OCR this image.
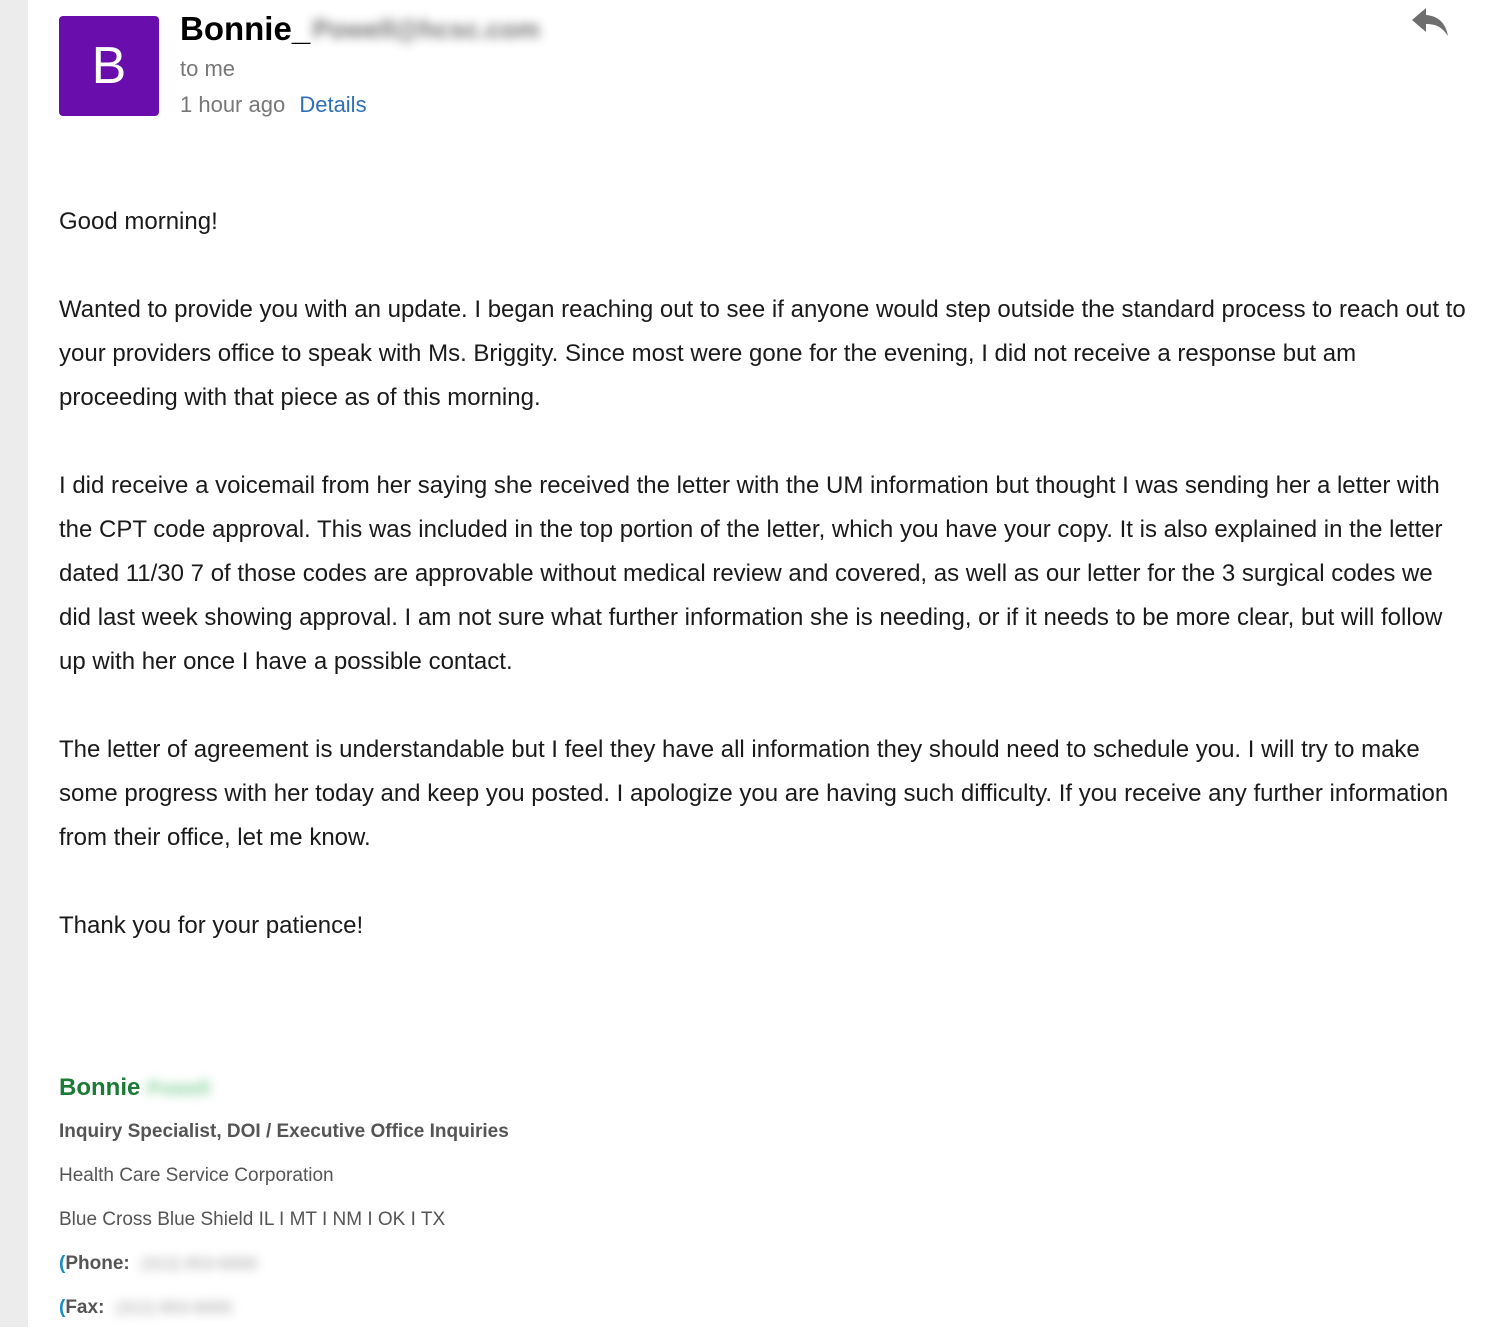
B
Bonnie_ Powell@hcsc.com
to me
1 hour ago Details

Good morning!

Wanted to provide you with an update. I began reaching out to see if anyone would step outside the standard process to reach out to your providers office to speak with Ms. Briggity. Since most were gone for the evening, I did not receive a response but am proceeding with that piece as of this morning.

I did receive a voicemail from her saying she received the letter with the UM information but thought I was sending her a letter with the CPT code approval. This was included in the top portion of the letter, which you have your copy. It is also explained in the letter dated 11/30 7 of those codes are approvable without medical review and covered, as well as our letter for the 3 surgical codes we did last week showing approval. I am not sure what further information she is needing, or if it needs to be more clear, but will follow up with her once I have a possible contact.

The letter of agreement is understandable but I feel they have all information they should need to schedule you. I will try to make some progress with her today and keep you posted. I apologize you are having such difficulty. If you receive any further information from their office, let me know.

Thank you for your patience!

Bonnie Powell
Inquiry Specialist, DOI / Executive Office Inquiries
Health Care Service Corporation
Blue Cross Blue Shield IL I MT I NM I OK I TX
(Phone: (312) 653-6000
(Fax: (312) 653-6000
